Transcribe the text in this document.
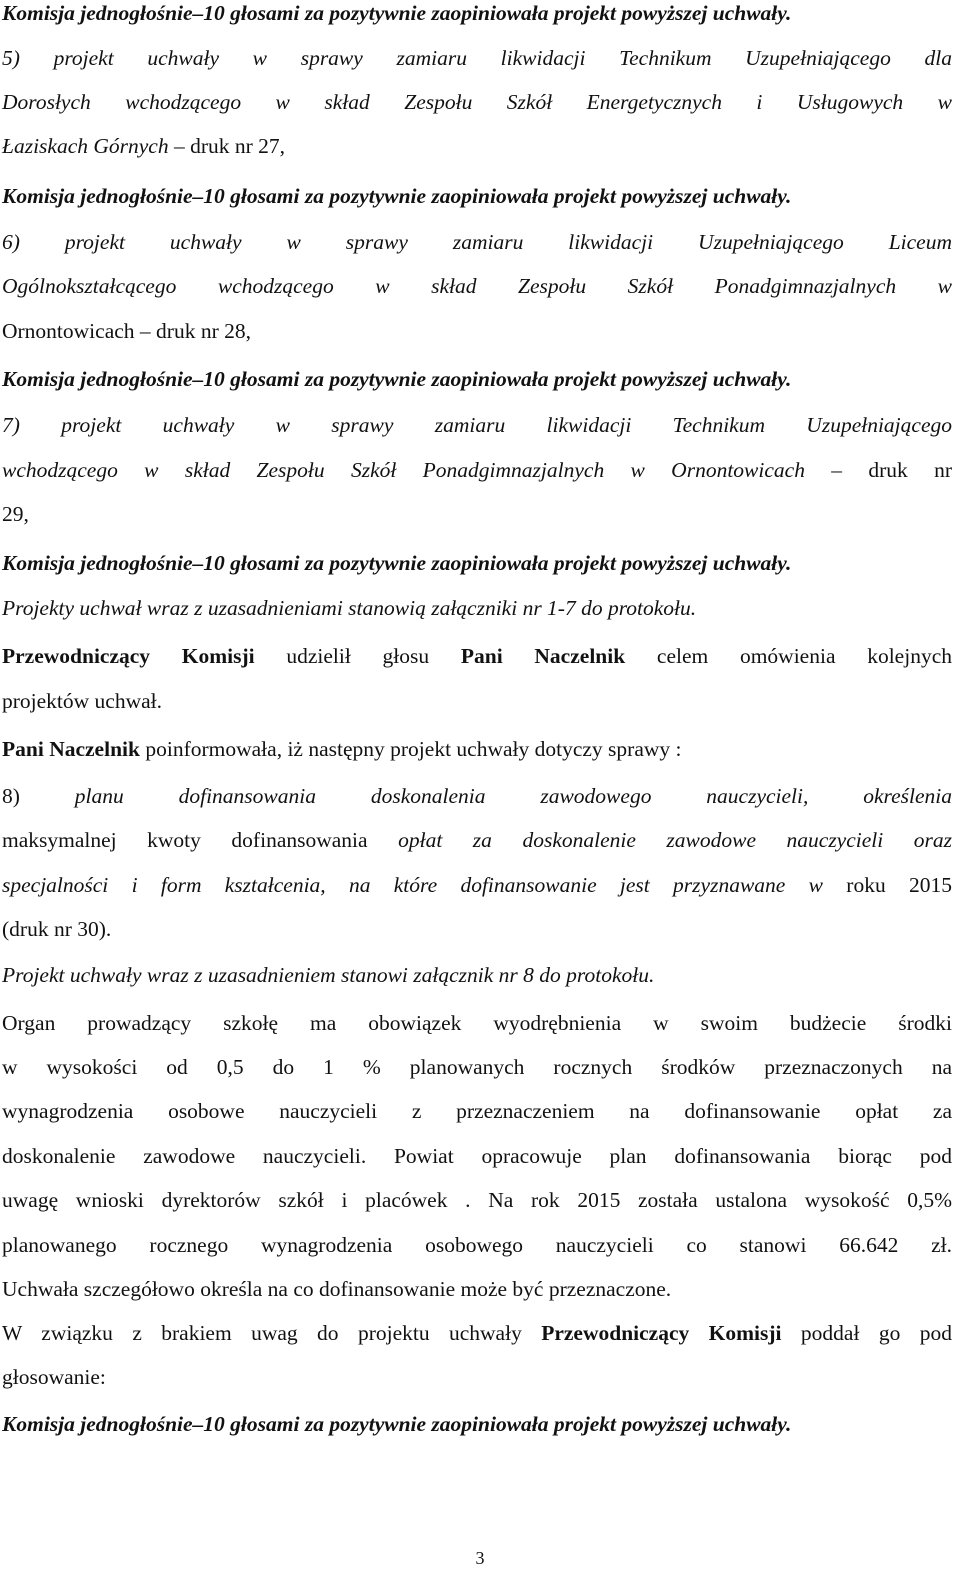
Komisja jednogłośnie–10 głosami za pozytywnie zaopiniowała projekt powyższej uchwały.
5) projekt uchwały w sprawy zamiaru likwidacji Technikum Uzupełniającego dla
Dorosłych wchodzącego w skład Zespołu Szkół Energetycznych i Usługowych w
Łaziskach Górnych – druk nr 27,
Komisja jednogłośnie–10 głosami za pozytywnie zaopiniowała projekt powyższej uchwały.
6) projekt uchwały w sprawy zamiaru likwidacji Uzupełniającego Liceum
Ogólnokształcącego wchodzącego w skład Zespołu Szkół Ponadgimnazjalnych w
Ornontowicach – druk nr 28,
Komisja jednogłośnie–10 głosami za pozytywnie zaopiniowała projekt powyższej uchwały.
7) projekt uchwały w sprawy zamiaru likwidacji Technikum Uzupełniającego
wchodzącego w skład Zespołu Szkół Ponadgimnazjalnych w Ornontowicach – druk nr
29,
Komisja jednogłośnie–10 głosami za pozytywnie zaopiniowała projekt powyższej uchwały.
Projekty uchwał wraz z uzasadnieniami stanowią załączniki nr 1-7 do protokołu.
Przewodniczący Komisji udzielił głosu Pani Naczelnik celem omówienia kolejnych
projektów uchwał.
Pani Naczelnik poinformowała, iż następny projekt uchwały dotyczy sprawy :
8) planu dofinansowania doskonalenia zawodowego nauczycieli, określenia
maksymalnej kwoty dofinansowania opłat za doskonalenie zawodowe nauczycieli oraz
specjalności i form kształcenia, na które dofinansowanie jest przyznawane w roku 2015
(druk nr 30).
Projekt uchwały wraz z uzasadnieniem stanowi załącznik nr 8 do protokołu.
Organ prowadzący szkołę ma obowiązek wyodrębnienia w swoim budżecie środki
w wysokości od 0,5 do 1 % planowanych rocznych środków przeznaczonych na
wynagrodzenia osobowe nauczycieli z przeznaczeniem na dofinansowanie opłat za
doskonalenie zawodowe nauczycieli. Powiat opracowuje plan dofinansowania biorąc pod
uwagę wnioski dyrektorów szkół i placówek . Na rok 2015 została ustalona wysokość 0,5%
planowanego rocznego wynagrodzenia osobowego nauczycieli co stanowi 66.642 zł.
Uchwała szczegółowo określa na co dofinansowanie może być przeznaczone.
W związku z brakiem uwag do projektu uchwały Przewodniczący Komisji poddał go pod
głosowanie:
Komisja jednogłośnie–10 głosami za pozytywnie zaopiniowała projekt powyższej uchwały.
3
